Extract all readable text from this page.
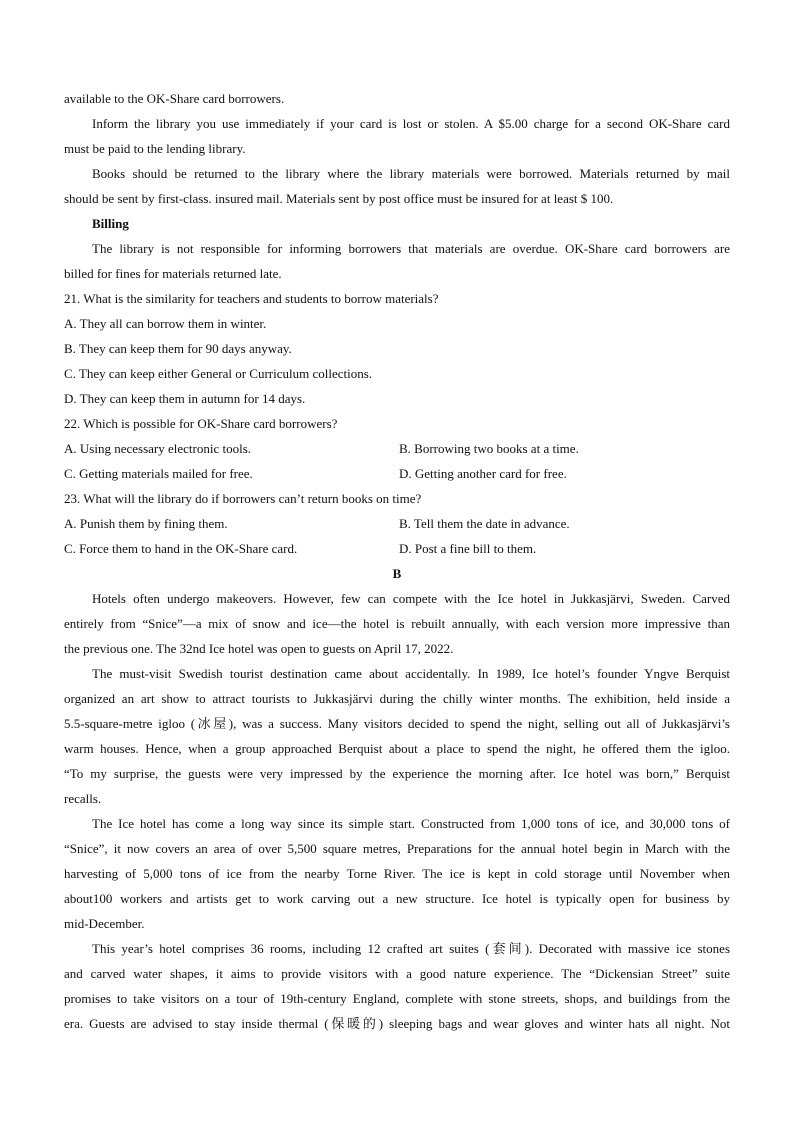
available to the OK-Share card borrowers.
Inform the library you use immediately if your card is lost or stolen. A $5.00 charge for a second OK-Share card
must be paid to the lending library.
Books should be returned to the library where the library materials were borrowed. Materials returned by mail
should be sent by first-class. insured mail. Materials sent by post office must be insured for at least $ 100.
Billing
The library is not responsible for informing borrowers that materials are overdue. OK-Share card borrowers are
billed for fines for materials returned late.
21. What is the similarity for teachers and students to borrow materials?
A. They all can borrow them in winter.
B. They can keep them for 90 days anyway.
C. They can keep either General or Curriculum collections.
D. They can keep them in autumn for 14 days.
22. Which is possible for OK-Share card borrowers?
A. Using necessary electronic tools.	B. Borrowing two books at a time.
C. Getting materials mailed for free.	D. Getting another card for free.
23. What will the library do if borrowers can’t return books on time?
A. Punish them by fining them.	B. Tell them the date in advance.
C. Force them to hand in the OK-Share card.	D. Post a fine bill to them.
B
Hotels often undergo makeovers. However, few can compete with the Ice hotel in Jukkasjärvi, Sweden. Carved
entirely from “Snice”—a mix of snow and ice—the hotel is rebuilt annually, with each version more impressive than
the previous one. The 32nd Ice hotel was open to guests on April 17, 2022.
The must-visit Swedish tourist destination came about accidentally. In 1989, Ice hotel’s founder Yngve Berquist
organized an art show to attract tourists to Jukkasjärvi during the chilly winter months. The exhibition, held inside a
5.5-square-metre igloo (冰屋), was a success. Many visitors decided to spend the night, selling out all of Jukkasjärvi’s
warm houses. Hence, when a group approached Berquist about a place to spend the night, he offered them the igloo.
“To my surprise, the guests were very impressed by the experience the morning after. Ice hotel was born,” Berquist
recalls.
The Ice hotel has come a long way since its simple start. Constructed from 1,000 tons of ice, and 30,000 tons of
“Snice”, it now covers an area of over 5,500 square metres, Preparations for the annual hotel begin in March with the
harvesting of 5,000 tons of ice from the nearby Torne River. The ice is kept in cold storage until November when
about100 workers and artists get to work carving out a new structure. Ice hotel is typically open for business by
mid-December.
This year’s hotel comprises 36 rooms, including 12 crafted art suites (套间). Decorated with massive ice stones
and carved water shapes, it aims to provide visitors with a good nature experience. The “Dickensian Street” suite
promises to take visitors on a tour of 19th-century England, complete with stone streets, shops, and buildings from the
era. Guests are advised to stay inside thermal (保暖的) sleeping bags and wear gloves and winter hats all night. Not
